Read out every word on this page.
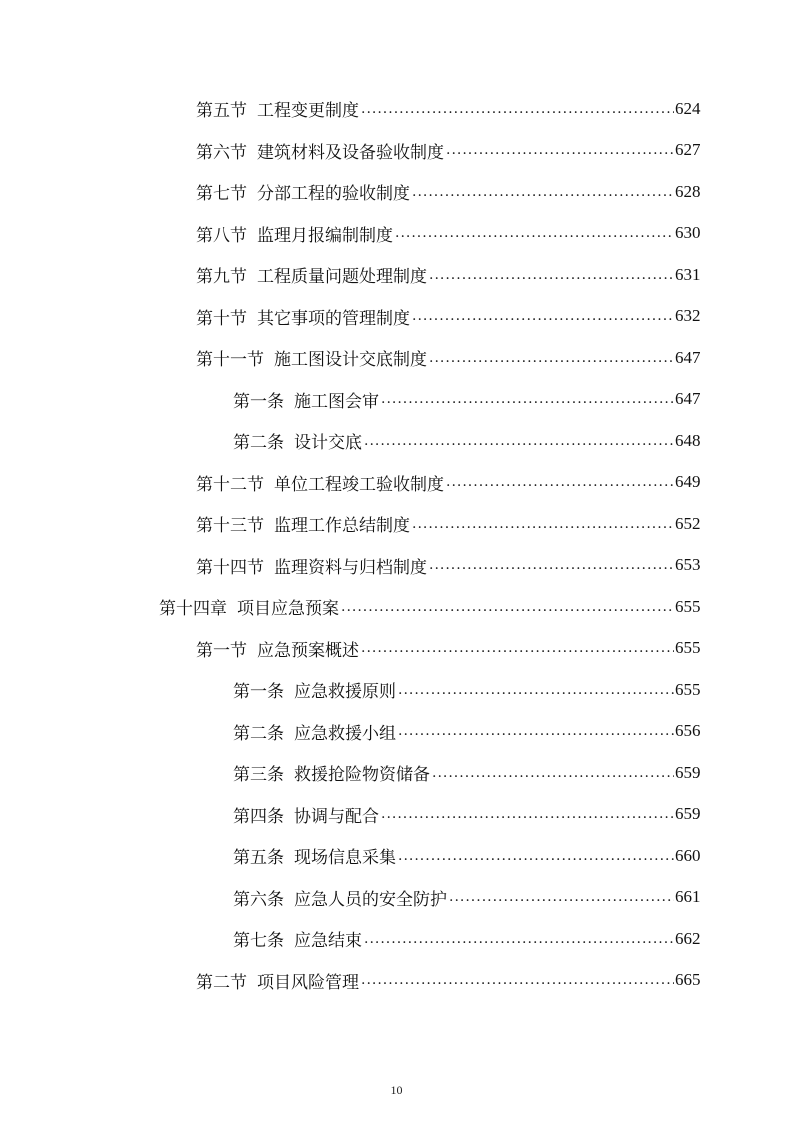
第五节 工程变更制度 .....	624
第六节 建筑材料及设备验收制度 .....	627
第七节 分部工程的验收制度 .....	628
第八节 监理月报编制制度 .....	630
第九节 工程质量问题处理制度 .....	631
第十节 其它事项的管理制度 .....	632
第十一节 施工图设计交底制度 .....	647
第一条 施工图会审 .....	647
第二条 设计交底 .....	648
第十二节 单位工程竣工验收制度 .....	649
第十三节 监理工作总结制度 .....	652
第十四节 监理资料与归档制度 .....	653
第十四章 项目应急预案 .....	655
第一节 应急预案概述 .....	655
第一条 应急救援原则 .....	655
第二条 应急救援小组 .....	656
第三条 救援抢险物资储备 .....	659
第四条 协调与配合 .....	659
第五条 现场信息采集 .....	660
第六条 应急人员的安全防护 .....	661
第七条 应急结束 .....	662
第二节 项目风险管理 .....	665
10
